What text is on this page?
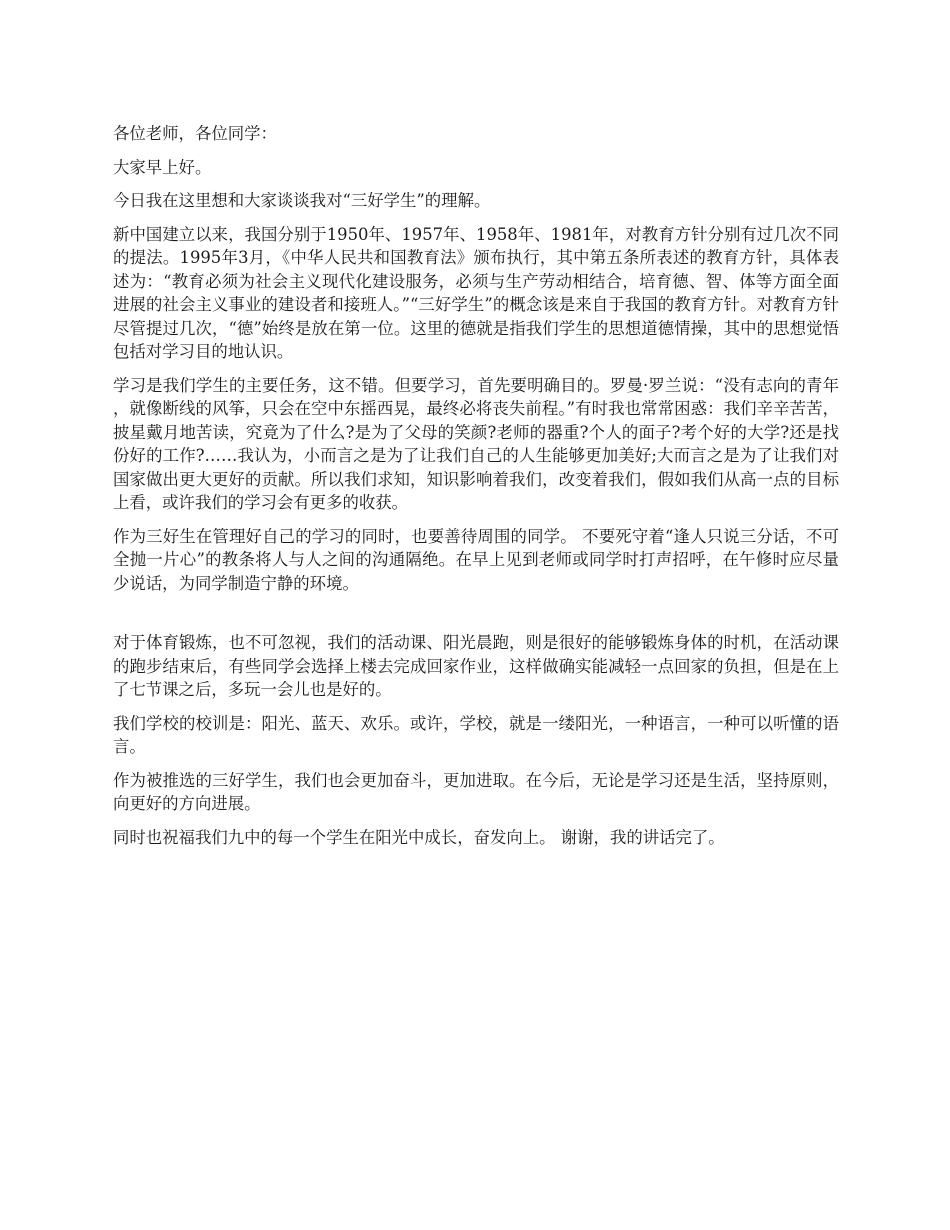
各位老师，各位同学：

大家早上好。

今日我在这里想和大家谈谈我对“三好学生”的理解。

新中国建立以来，我国分别于1950年、1957年、1958年、1981年，对教育方针分别有过几次不同的提法。1995年3月，《中华人民共和国教育法》颁布执行，其中第五条所表述的教育方针，具体表述为：“教育必须为社会主义现代化建设服务，必须与生产劳动相结合，培育德、智、体等方面全面进展的社会主义事业的建设者和接班人。”“三好学生”的概念该是来自于我国的教育方针。对教育方针尽管提过几次，“德”始终是放在第一位。这里的德就是指我们学生的思想道德情操，其中的思想觉悟包括对学习目的地认识。

学习是我们学生的主要任务，这不错。但要学习，首先要明确目的。罗曼·罗兰说：“没有志向的青年，就像断线的风筝，只会在空中东摇西晃，最终必将丧失前程。”有时我也常常困惑：我们辛辛苦苦，披星戴月地苦读，究竟为了什么?是为了父母的笑颜?老师的器重?个人的面子?考个好的大学?还是找份好的工作?……我认为，小而言之是为了让我们自己的人生能够更加美好;大而言之是为了让我们对国家做出更大更好的贡献。所以我们求知，知识影响着我们，改变着我们，假如我们从高一点的目标上看，或许我们的学习会有更多的收获。

作为三好生在管理好自己的学习的同时，也要善待周围的同学。 不要死守着“逢人只说三分话，不可全抛一片心”的教条将人与人之间的沟通隔绝。在早上见到老师或同学时打声招呼，在午修时应尽量少说话，为同学制造宁静的环境。

对于体育锻炼，也不可忽视，我们的活动课、阳光晨跑，则是很好的能够锻炼身体的时机，在活动课的跑步结束后，有些同学会选择上楼去完成回家作业，这样做确实能减轻一点回家的负担，但是在上了七节课之后，多玩一会儿也是好的。

我们学校的校训是：阳光、蓝天、欢乐。或许，学校，就是一缕阳光，一种语言，一种可以听懂的语言。

作为被推选的三好学生，我们也会更加奋斗，更加进取。在今后，无论是学习还是生活，坚持原则，向更好的方向进展。

同时也祝福我们九中的每一个学生在阳光中成长，奋发向上。 谢谢，我的讲话完了。
